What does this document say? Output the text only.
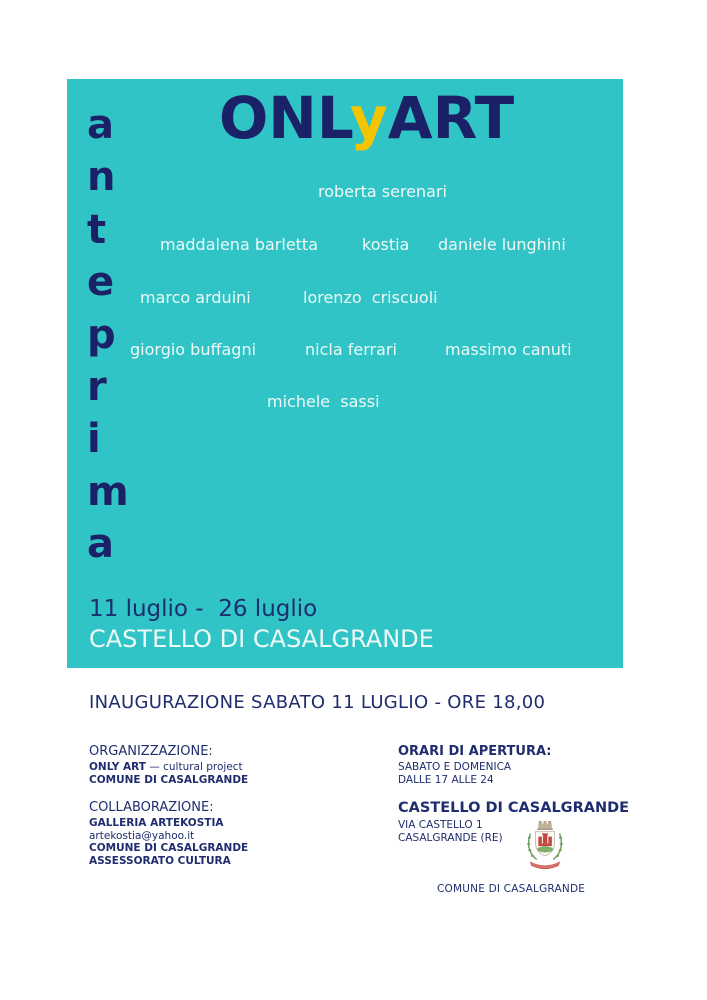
ONLyART
a
n
t
e
p
r
i
m
a
roberta serenari
maddalena barletta	kostia daniele lunghini
marco arduini	lorenzo  criscuoli
giorgio buffagni	nicla ferrari	massimo canuti
michele  sassi
11 luglio -  26 luglio
CASTELLO DI CASALGRANDE
INAUGURAZIONE SABATO 11 LUGLIO - ORE 18,00
ORGANIZZAZIONE:
ONLY ART — cultural project
COMUNE DI CASALGRANDE
COLLABORAZIONE:
GALLERIA ARTEKOSTIA
artekostia@yahoo.it
COMUNE DI CASALGRANDE
ASSESSORATO CULTURA
ORARI DI APERTURA:
SABATO E DOMENICA
DALLE 17 ALLE 24
CASTELLO DI CASALGRANDE
VIA CASTELLO 1
CASALGRANDE (RE)
COMUNE DI CASALGRANDE
